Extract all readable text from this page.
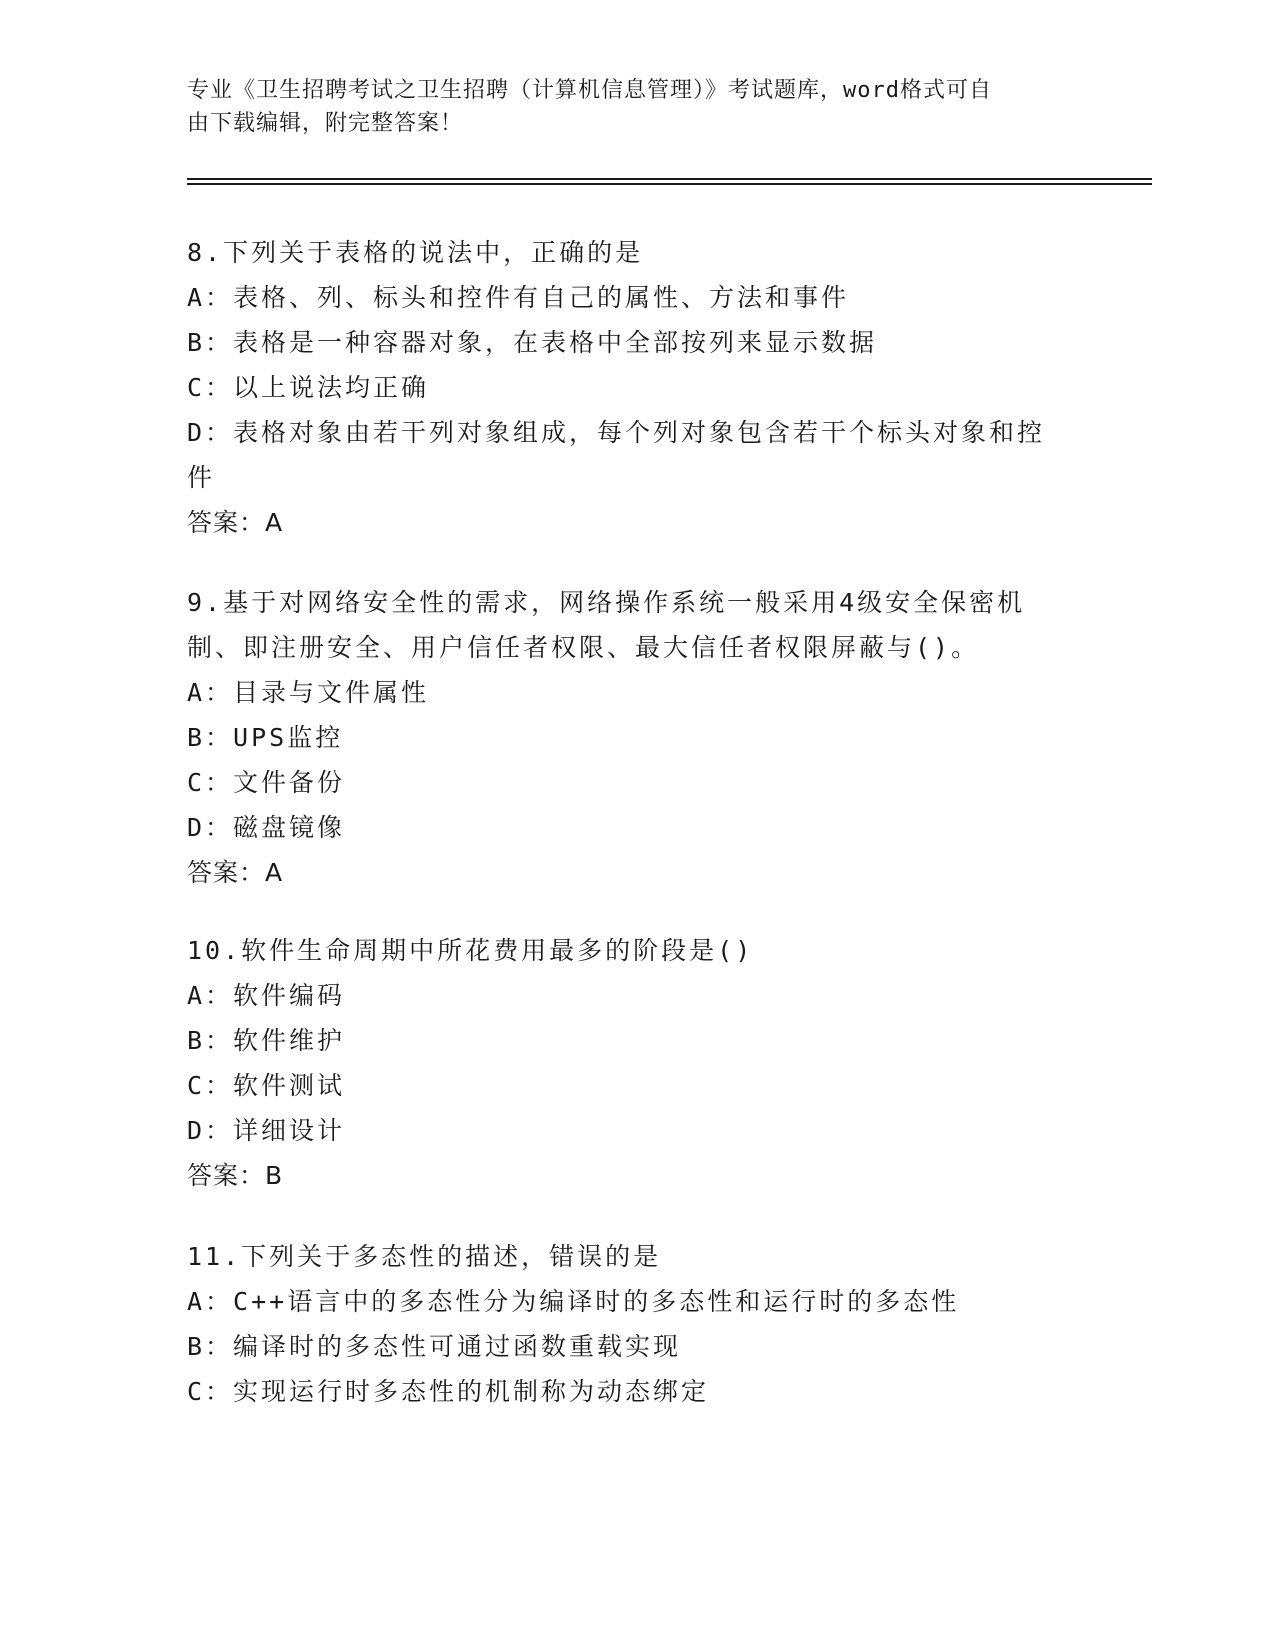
专业《卫生招聘考试之卫生招聘（计算机信息管理）》考试题库，word格式可自
由下载编辑，附完整答案！
8.下列关于表格的说法中，正确的是
A：表格、列、标头和控件有自己的属性、方法和事件
B：表格是一种容器对象，在表格中全部按列来显示数据
C：以上说法均正确
D：表格对象由若干列对象组成，每个列对象包含若干个标头对象和控件
答案：A
9.基于对网络安全性的需求，网络操作系统一般采用4级安全保密机
制、即注册安全、用户信任者权限、最大信任者权限屏蔽与()。
A：目录与文件属性
B：UPS监控
C：文件备份
D：磁盘镜像
答案：A
10.软件生命周期中所花费用最多的阶段是()
A：软件编码
B：软件维护
C：软件测试
D：详细设计
答案：B
11.下列关于多态性的描述，错误的是
A：C++语言中的多态性分为编译时的多态性和运行时的多态性
B：编译时的多态性可通过函数重载实现
C：实现运行时多态性的机制称为动态绑定
